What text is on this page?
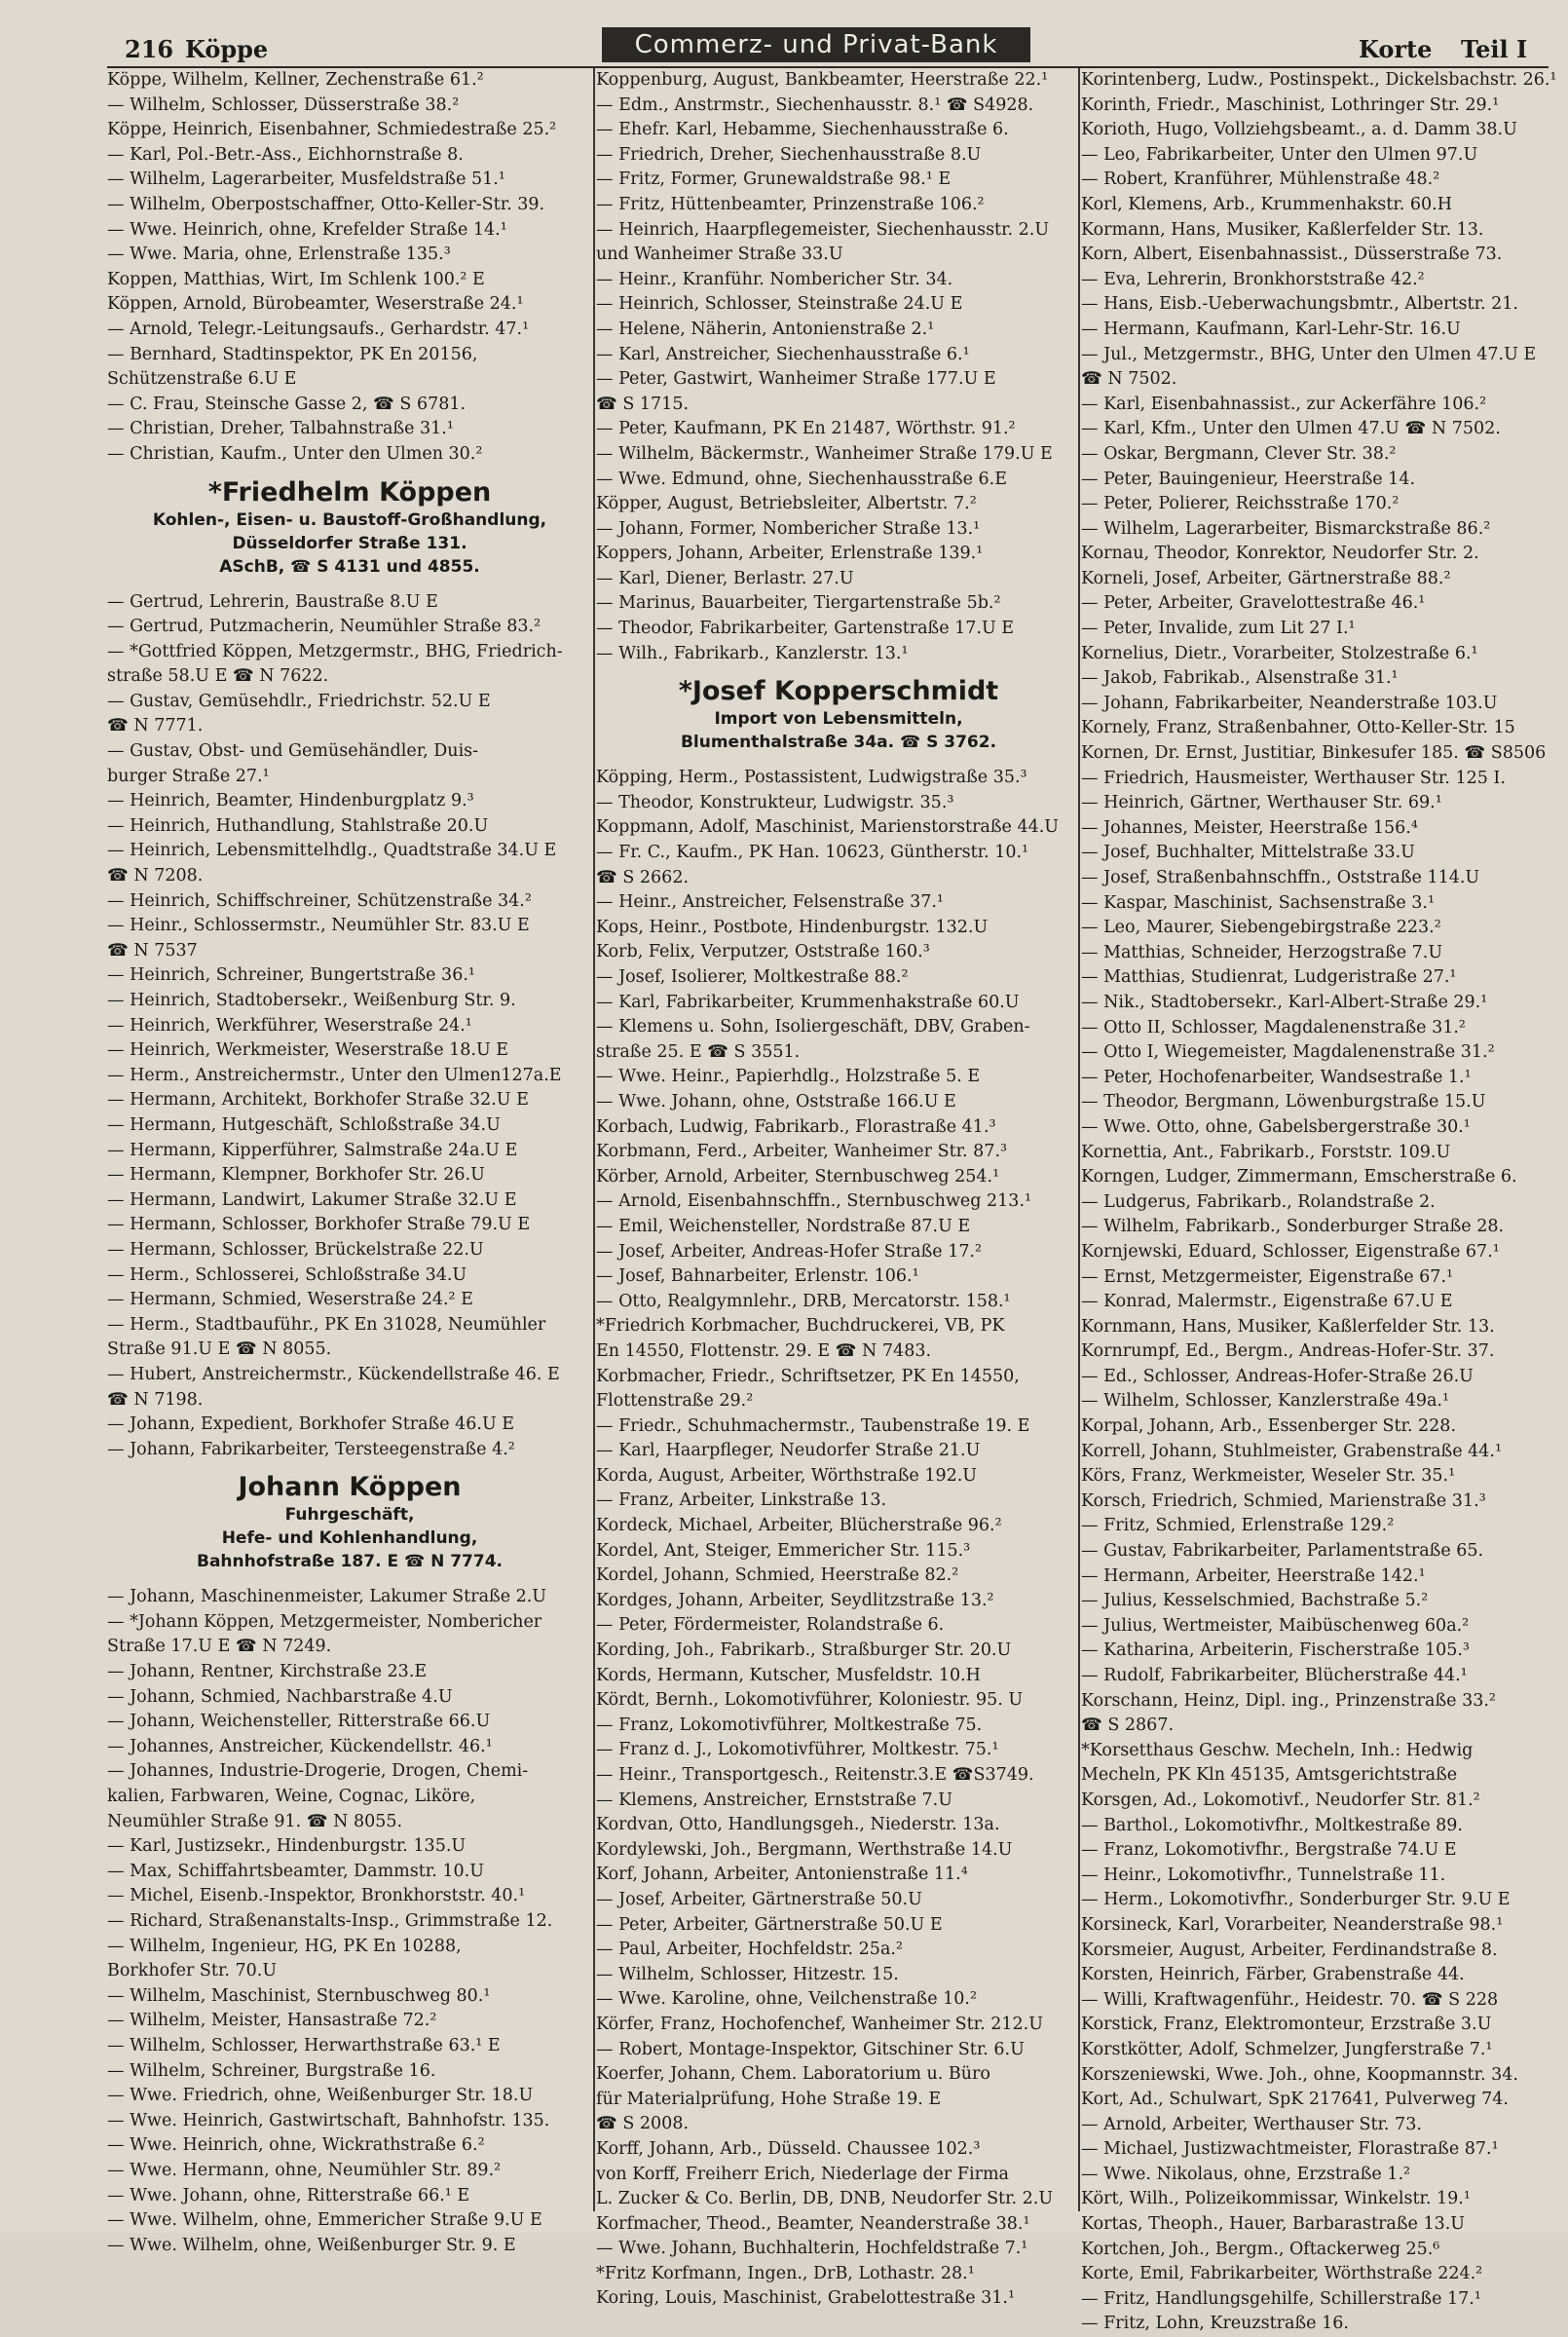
216 Köppe	Commerz- und Privat-Bank	Korte Teil I
Köppe, Wilhelm, Kellner, Zechenstraße 61.²
— Wilhelm, Schlosser, Düsserstraße 38.²
Köppe, Heinrich, Eisenbahner, Schmiedestraße 25.²
— Karl, Pol.-Betr.-Ass., Eichhornstraße 8.
— Wilhelm, Lagerarbeiter, Musfeldstraße 51.¹
— Wilhelm, Oberpostschaffner, Otto-Keller-Str. 39.
— Wwe. Heinrich, ohne, Krefelder Straße 14.¹
— Wwe. Maria, ohne, Erlenstraße 135.³
Koppen, Matthias, Wirt, Im Schlenk 100.² E
Köppen, Arnold, Bürobeamter, Weserstraße 24.¹
— Arnold, Telegr.-Leitungsaufs., Gerhardstr. 47.¹
— Bernhard, Stadtinspektor, PK En 20156,
Schützenstraße 6.U E
— C. Frau, Steinsche Gasse 2, ☎ S 6781.
— Christian, Dreher, Talbahnstraße 31.¹
— Christian, Kaufm., Unter den Ulmen 30.²
*Friedhelm Köppen
Kohlen-, Eisen- u. Baustoff-Großhandlung,
Düsseldorfer Straße 131.
ASchB, ☎ S 4131 und 4855.
— Gertrud, Lehrerin, Baustraße 8.U E
— Gertrud, Putzmacherin, Neumühler Straße 83.²
— *Gottfried Köppen, Metzgermstr., BHG, Friedrich-
straße 58.U E ☎ N 7622.
— Gustav, Gemüsehdlr., Friedrichstr. 52.U E
☎ N 7771.
— Gustav, Obst- und Gemüsehändler, Duis-
burger Straße 27.¹
— Heinrich, Beamter, Hindenburgplatz 9.³
— Heinrich, Huthandlung, Stahlstraße 20.U
— Heinrich, Lebensmittelhdlg., Quadtstraße 34.U E
☎ N 7208.
— Heinrich, Schiffschreiner, Schützenstraße 34.²
— Heinr., Schlossermstr., Neumühler Str. 83.U E
☎ N 7537
— Heinrich, Schreiner, Bungertstraße 36.¹
— Heinrich, Stadtobersekr., Weißenburg Str. 9.
— Heinrich, Werkführer, Weserstraße 24.¹
— Heinrich, Werkmeister, Weserstraße 18.U E
— Herm., Anstreichermstr., Unter den Ulmen127a.E
— Hermann, Architekt, Borkhofer Straße 32.U E
— Hermann, Hutgeschäft, Schloßstraße 34.U
— Hermann, Kipperführer, Salmstraße 24a.U E
— Hermann, Klempner, Borkhofer Str. 26.U
— Hermann, Landwirt, Lakumer Straße 32.U E
— Hermann, Schlosser, Borkhofer Straße 79.U E
— Hermann, Schlosser, Brückelstraße 22.U
— Herm., Schlosserei, Schloßstraße 34.U
— Hermann, Schmied, Weserstraße 24.² E
— Herm., Stadtbauführ., PK En 31028, Neumühler
Straße 91.U E ☎ N 8055.
— Hubert, Anstreichermstr., Kückendellstraße 46. E
☎ N 7198.
— Johann, Expedient, Borkhofer Straße 46.U E
— Johann, Fabrikarbeiter, Tersteegenstraße 4.²
Johann Köppen
Fuhrgeschäft,
Hefe- und Kohlenhandlung,
Bahnhofstraße 187. E ☎ N 7774.
— Johann, Maschinenmeister, Lakumer Straße 2.U
— *Johann Köppen, Metzgermeister, Nombericher
Straße 17.U E ☎ N 7249.
— Johann, Rentner, Kirchstraße 23.E
— Johann, Schmied, Nachbarstraße 4.U
— Johann, Weichensteller, Ritterstraße 66.U
— Johannes, Anstreicher, Kückendellstr. 46.¹
— Johannes, Industrie-Drogerie, Drogen, Chemi-
kalien, Farbwaren, Weine, Cognac, Liköre,
Neumühler Straße 91. ☎ N 8055.
— Karl, Justizsekr., Hindenburgstr. 135.U
— Max, Schiffahrtsbeamter, Dammstr. 10.U
— Michel, Eisenb.-Inspektor, Bronkhorststr. 40.¹
— Richard, Straßenanstalts-Insp., Grimmstraße 12.
— Wilhelm, Ingenieur, HG, PK En 10288,
Borkhofer Str. 70.U
— Wilhelm, Maschinist, Sternbuschweg 80.¹
— Wilhelm, Meister, Hansastraße 72.²
— Wilhelm, Schlosser, Herwarthstraße 63.¹ E
— Wilhelm, Schreiner, Burgstraße 16.
— Wwe. Friedrich, ohne, Weißenburger Str. 18.U
— Wwe. Heinrich, Gastwirtschaft, Bahnhofstr. 135.
— Wwe. Heinrich, ohne, Wickrathstraße 6.²
— Wwe. Hermann, ohne, Neumühler Str. 89.²
— Wwe. Johann, ohne, Ritterstraße 66.¹ E
— Wwe. Wilhelm, ohne, Emmericher Straße 9.U E
— Wwe. Wilhelm, ohne, Weißenburger Str. 9. E
Koppenburg, August, Bankbeamter, Heerstraße 22.¹
— Edm., Anstrmstr., Siechenhausstr. 8.¹ ☎ S4928.
— Ehefr. Karl, Hebamme, Siechenhausstraße 6.
— Friedrich, Dreher, Siechenhausstraße 8.U
— Fritz, Former, Grunewaldstraße 98.¹ E
— Fritz, Hüttenbeamter, Prinzenstraße 106.²
— Heinrich, Haarpflegemeister, Siechenhausstr. 2.U
und Wanheimer Straße 33.U
— Heinr., Kranführ. Nombericher Str. 34.
— Heinrich, Schlosser, Steinstraße 24.U E
— Helene, Näherin, Antonienstraße 2.¹
— Karl, Anstreicher, Siechenhausstraße 6.¹
— Peter, Gastwirt, Wanheimer Straße 177.U E
☎ S 1715.
— Peter, Kaufmann, PK En 21487, Wörthstr. 91.²
— Wilhelm, Bäckermstr., Wanheimer Straße 179.U E
— Wwe. Edmund, ohne, Siechenhausstraße 6.E
Köpper, August, Betriebsleiter, Albertstr. 7.²
— Johann, Former, Nombericher Straße 13.¹
Koppers, Johann, Arbeiter, Erlenstraße 139.¹
— Karl, Diener, Berlastr. 27.U
— Marinus, Bauarbeiter, Tiergartenstraße 5b.²
— Theodor, Fabrikarbeiter, Gartenstraße 17.U E
— Wilh., Fabrikarb., Kanzlerstr. 13.¹
*Josef Kopperschmidt
Import von Lebensmitteln,
Blumenthalstraße 34a. ☎ S 3762.
Köpping, Herm., Postassistent, Ludwigstraße 35.³
— Theodor, Konstrukteur, Ludwigstr. 35.³
Koppmann, Adolf, Maschinist, Marienstorstraße 44.U
— Fr. C., Kaufm., PK Han. 10623, Güntherstr. 10.¹
☎ S 2662.
— Heinr., Anstreicher, Felsenstraße 37.¹
Kops, Heinr., Postbote, Hindenburgstr. 132.U
Korb, Felix, Verputzer, Oststraße 160.³
— Josef, Isolierer, Moltkestraße 88.²
— Karl, Fabrikarbeiter, Krummenhakstraße 60.U
— Klemens u. Sohn, Isoliergeschäft, DBV, Graben-
straße 25. E ☎ S 3551.
— Wwe. Heinr., Papierhdlg., Holzstraße 5. E
— Wwe. Johann, ohne, Oststraße 166.U E
Korbach, Ludwig, Fabrikarb., Florastraße 41.³
Korbmann, Ferd., Arbeiter, Wanheimer Str. 87.³
Körber, Arnold, Arbeiter, Sternbuschweg 254.¹
— Arnold, Eisenbahnschffn., Sternbuschweg 213.¹
— Emil, Weichensteller, Nordstraße 87.U E
— Josef, Arbeiter, Andreas-Hofer Straße 17.²
— Josef, Bahnarbeiter, Erlenstr. 106.¹
— Otto, Realgymnlehr., DRB, Mercatorstr. 158.¹
*Friedrich Korbmacher, Buchdruckerei, VB, PK
En 14550, Flottenstr. 29. E ☎ N 7483.
Korbmacher, Friedr., Schriftsetzer, PK En 14550,
Flottenstraße 29.²
— Friedr., Schuhmachermstr., Taubenstraße 19. E
— Karl, Haarpfleger, Neudorfer Straße 21.U
Korda, August, Arbeiter, Wörthstraße 192.U
— Franz, Arbeiter, Linkstraße 13.
Kordeck, Michael, Arbeiter, Blücherstraße 96.²
Kordel, Ant, Steiger, Emmericher Str. 115.³
Kordel, Johann, Schmied, Heerstraße 82.²
Kordges, Johann, Arbeiter, Seydlitzstraße 13.²
— Peter, Fördermeister, Rolandstraße 6.
Kording, Joh., Fabrikarb., Straßburger Str. 20.U
Kords, Hermann, Kutscher, Musfeldstr. 10.H
Kördt, Bernh., Lokomotivführer, Koloniestr. 95. U
— Franz, Lokomotivführer, Moltkestraße 75.
— Franz d. J., Lokomotivführer, Moltkestr. 75.¹
— Heinr., Transportgesch., Reitenstr.3.E ☎S3749.
— Klemens, Anstreicher, Ernststraße 7.U
Kordvan, Otto, Handlungsgeh., Niederstr. 13a.
Kordylewski, Joh., Bergmann, Werthstraße 14.U
Korf, Johann, Arbeiter, Antonienstraße 11.⁴
— Josef, Arbeiter, Gärtnerstraße 50.U
— Peter, Arbeiter, Gärtnerstraße 50.U E
— Paul, Arbeiter, Hochfeldstr. 25a.²
— Wilhelm, Schlosser, Hitzestr. 15.
— Wwe. Karoline, ohne, Veilchenstraße 10.²
Körfer, Franz, Hochofenchef, Wanheimer Str. 212.U
— Robert, Montage-Inspektor, Gitschiner Str. 6.U
Koerfer, Johann, Chem. Laboratorium u. Büro
für Materialprüfung, Hohe Straße 19. E
☎ S 2008.
Korff, Johann, Arb., Düsseld. Chaussee 102.³
von Korff, Freiherr Erich, Niederlage der Firma
L. Zucker & Co. Berlin, DB, DNB, Neudorfer Str. 2.U
Korfmacher, Theod., Beamter, Neanderstraße 38.¹
— Wwe. Johann, Buchhalterin, Hochfeldstraße 7.¹
*Fritz Korfmann, Ingen., DrB, Lothastr. 28.¹
Koring, Louis, Maschinist, Grabelottestraße 31.¹
Korintenberg, Ludw., Postinspekt., Dickelsbachstr. 26.¹
Korinth, Friedr., Maschinist, Lothringer Str. 29.¹
Korioth, Hugo, Vollziehgsbeamt., a. d. Damm 38.U
— Leo, Fabrikarbeiter, Unter den Ulmen 97.U
— Robert, Kranführer, Mühlenstraße 48.²
Korl, Klemens, Arb., Krummenhakstr. 60.H
Kormann, Hans, Musiker, Kaßlerfelder Str. 13.
Korn, Albert, Eisenbahnassist., Düsserstraße 73.
— Eva, Lehrerin, Bronkhorststraße 42.²
— Hans, Eisb.-Ueberwachungsbmtr., Albertstr. 21.
— Hermann, Kaufmann, Karl-Lehr-Str. 16.U
— Jul., Metzgermstr., BHG, Unter den Ulmen 47.U E
☎ N 7502.
— Karl, Eisenbahnassist., zur Ackerfähre 106.²
— Karl, Kfm., Unter den Ulmen 47.U ☎ N 7502.
— Oskar, Bergmann, Clever Str. 38.²
— Peter, Bauingenieur, Heerstraße 14.
— Peter, Polierer, Reichsstraße 170.²
— Wilhelm, Lagerarbeiter, Bismarckstraße 86.²
Kornau, Theodor, Konrektor, Neudorfer Str. 2.
Korneli, Josef, Arbeiter, Gärtnerstraße 88.²
— Peter, Arbeiter, Gravelottestraße 46.¹
— Peter, Invalide, zum Lit 27 I.¹
Kornelius, Dietr., Vorarbeiter, Stolzestraße 6.¹
— Jakob, Fabrikab., Alsenstraße 31.¹
— Johann, Fabrikarbeiter, Neanderstraße 103.U
Kornely, Franz, Straßenbahner, Otto-Keller-Str. 15
Kornen, Dr. Ernst, Justitiar, Binkesufer 185. ☎ S8506
— Friedrich, Hausmeister, Werthauser Str. 125 I.
— Heinrich, Gärtner, Werthauser Str. 69.¹
— Johannes, Meister, Heerstraße 156.⁴
— Josef, Buchhalter, Mittelstraße 33.U
— Josef, Straßenbahnschffn., Oststraße 114.U
— Kaspar, Maschinist, Sachsenstraße 3.¹
— Leo, Maurer, Siebengebirgstraße 223.²
— Matthias, Schneider, Herzogstraße 7.U
— Matthias, Studienrat, Ludgeristraße 27.¹
— Nik., Stadtobersekr., Karl-Albert-Straße 29.¹
— Otto II, Schlosser, Magdalenenstraße 31.²
— Otto I, Wiegemeister, Magdalenenstraße 31.²
— Peter, Hochofenarbeiter, Wandsestraße 1.¹
— Theodor, Bergmann, Löwenburgstraße 15.U
— Wwe. Otto, ohne, Gabelsbergerstraße 30.¹
Kornettia, Ant., Fabrikarb., Forststr. 109.U
Korngen, Ludger, Zimmermann, Emscherstraße 6.
— Ludgerus, Fabrikarb., Rolandstraße 2.
— Wilhelm, Fabrikarb., Sonderburger Straße 28.
Kornjewski, Eduard, Schlosser, Eigenstraße 67.¹
— Ernst, Metzgermeister, Eigenstraße 67.¹
— Konrad, Malermstr., Eigenstraße 67.U E
Kornmann, Hans, Musiker, Kaßlerfelder Str. 13.
Kornrumpf, Ed., Bergm., Andreas-Hofer-Str. 37.
— Ed., Schlosser, Andreas-Hofer-Straße 26.U
— Wilhelm, Schlosser, Kanzlerstraße 49a.¹
Korpal, Johann, Arb., Essenberger Str. 228.
Korrell, Johann, Stuhlmeister, Grabenstraße 44.¹
Körs, Franz, Werkmeister, Weseler Str. 35.¹
Korsch, Friedrich, Schmied, Marienstraße 31.³
— Fritz, Schmied, Erlenstraße 129.²
— Gustav, Fabrikarbeiter, Parlamentstraße 65.
— Hermann, Arbeiter, Heerstraße 142.¹
— Julius, Kesselschmied, Bachstraße 5.²
— Julius, Wertmeister, Maibüschenweg 60a.²
— Katharina, Arbeiterin, Fischerstraße 105.³
— Rudolf, Fabrikarbeiter, Blücherstraße 44.¹
Korschann, Heinz, Dipl. ing., Prinzenstraße 33.²
☎ S 2867.
*Korsetthaus Geschw. Mecheln, Inh.: Hedwig
Mecheln, PK Kln 45135, Amtsgerichtstraße
Korsgen, Ad., Lokomotivf., Neudorfer Str. 81.²
— Barthol., Lokomotivfhr., Moltkestraße 89.
— Franz, Lokomotivfhr., Bergstraße 74.U E
— Heinr., Lokomotivfhr., Tunnelstraße 11.
— Herm., Lokomotivfhr., Sonderburger Str. 9.U E
Korsineck, Karl, Vorarbeiter, Neanderstraße 98.¹
Korsmeier, August, Arbeiter, Ferdinandstraße 8.
Korsten, Heinrich, Färber, Grabenstraße 44.
— Willi, Kraftwagenführ., Heidestr. 70. ☎ S 228
Korstick, Franz, Elektromonteur, Erzstraße 3.U
Korstkötter, Adolf, Schmelzer, Jungferstraße 7.¹
Korszeniewski, Wwe. Joh., ohne, Koopmannstr. 34.
Kort, Ad., Schulwart, SpK 217641, Pulverweg 74.
— Arnold, Arbeiter, Werthauser Str. 73.
— Michael, Justizwachtmeister, Florastraße 87.¹
— Wwe. Nikolaus, ohne, Erzstraße 1.²
Kört, Wilh., Polizeikommissar, Winkelstr. 19.¹
Kortas, Theoph., Hauer, Barbarastraße 13.U
Kortchen, Joh., Bergm., Oftackerweg 25.⁶
Korte, Emil, Fabrikarbeiter, Wörthstraße 224.²
— Fritz, Handlungsgehilfe, Schillerstraße 17.¹
— Fritz, Lohn, Kreuzstraße 16.
